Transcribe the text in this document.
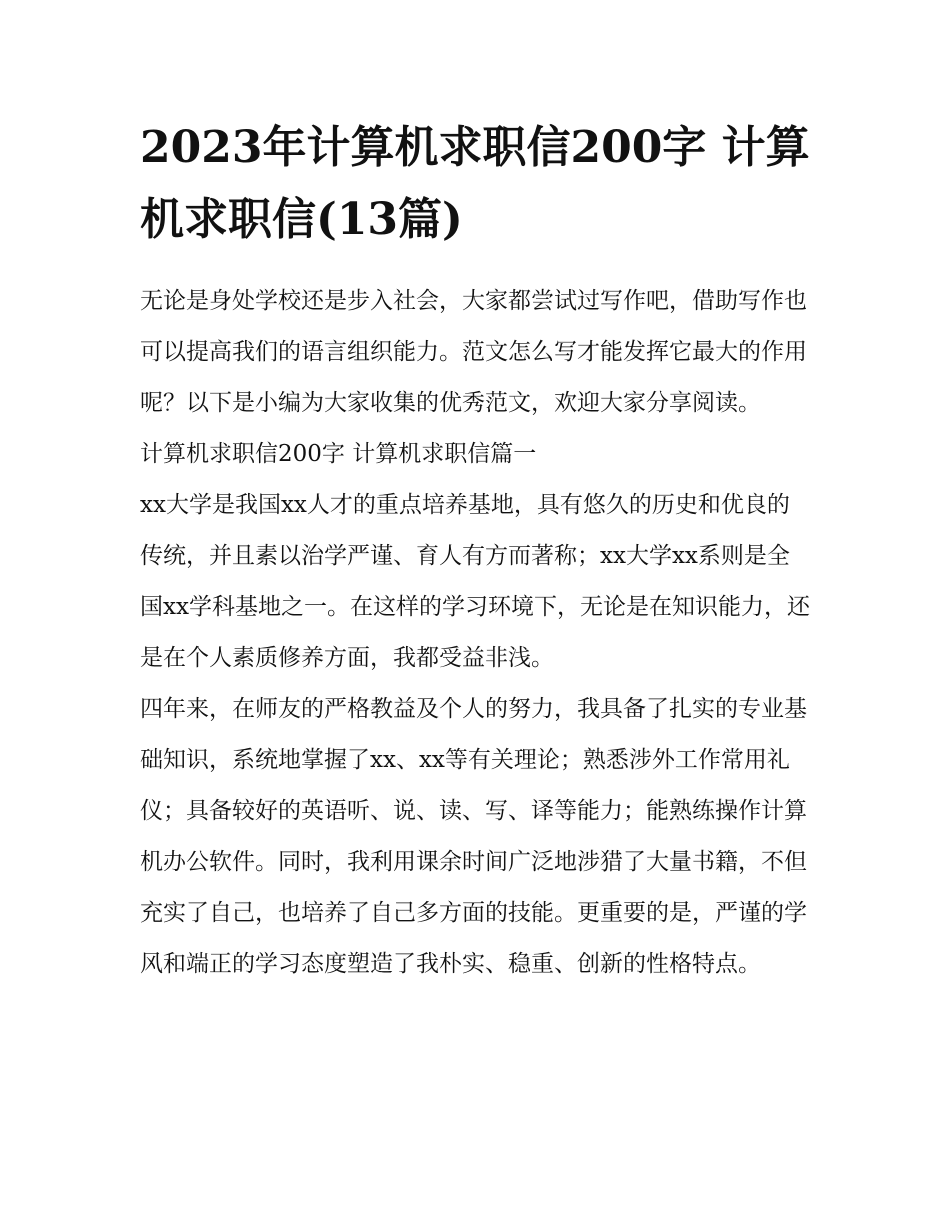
2023年计算机求职信200字 计算机求职信(13篇)

无论是身处学校还是步入社会，大家都尝试过写作吧，借助写作也可以提高我们的语言组织能力。范文怎么写才能发挥它最大的作用呢？以下是小编为大家收集的优秀范文，欢迎大家分享阅读。

计算机求职信200字 计算机求职信篇一

xx大学是我国xx人才的重点培养基地，具有悠久的历史和优良的传统，并且素以治学严谨、育人有方而著称；xx大学xx系则是全国xx学科基地之一。在这样的学习环境下，无论是在知识能力，还是在个人素质修养方面，我都受益非浅。

四年来，在师友的严格教益及个人的努力，我具备了扎实的专业基础知识，系统地掌握了xx、xx等有关理论；熟悉涉外工作常用礼仪；具备较好的英语听、说、读、写、译等能力；能熟练操作计算机办公软件。同时，我利用课余时间广泛地涉猎了大量书籍，不但充实了自己，也培养了自己多方面的技能。更重要的是，严谨的学风和端正的学习态度塑造了我朴实、稳重、创新的性格特点。
